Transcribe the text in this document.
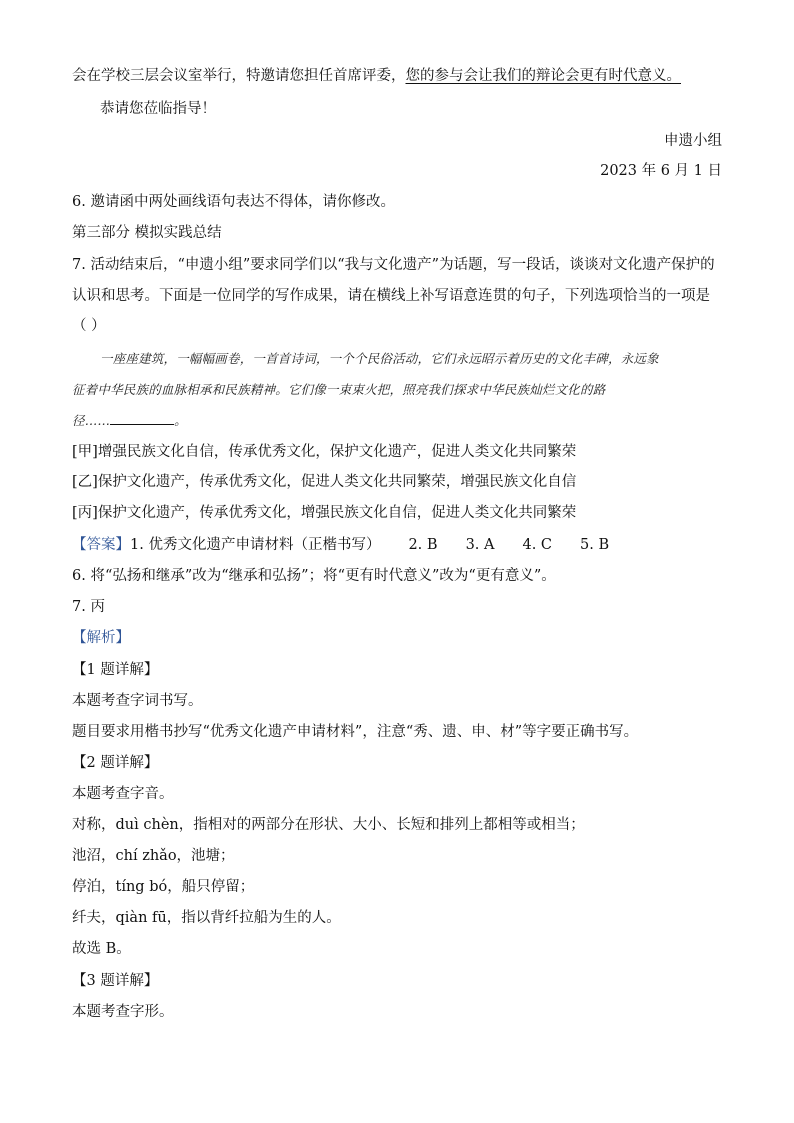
会在学校三层会议室举行，特邀请您担任首席评委，您的参与会让我们的辩论会更有时代意义。
恭请您莅临指导！
申遗小组
2023 年 6 月 1 日
6. 邀请函中两处画线语句表达不得体，请你修改。
第三部分 模拟实践总结
7. 活动结束后，“申遗小组”要求同学们以“我与文化遗产”为话题，写一段话，谈谈对文化遗产保护的
认识和思考。下面是一位同学的写作成果，请在横线上补写语意连贯的句子，下列选项恰当的一项是
（ ）
一座座建筑，一幅幅画卷，一首首诗词，一个个民俗活动，它们永远昭示着历史的文化丰碑，永远象
征着中华民族的血脉相承和民族精神。它们像一束束火把，照亮我们探求中华民族灿烂文化的路
径……	。
[甲]增强民族文化自信，传承优秀文化，保护文化遗产，促进人类文化共同繁荣
[乙]保护文化遗产，传承优秀文化，促进人类文化共同繁荣，增强民族文化自信
[丙]保护文化遗产，传承优秀文化，增强民族文化自信，促进人类文化共同繁荣
【答案】1. 优秀文化遗产申请材料（正楷书写） 2. B 3. A 4. C 5. B
6. 将“弘扬和继承”改为“继承和弘扬”；将“更有时代意义”改为“更有意义”。
7. 丙
【解析】
【1 题详解】
本题考查字词书写。
题目要求用楷书抄写“优秀文化遗产申请材料”，注意“秀、遗、申、材”等字要正确书写。
【2 题详解】
本题考查字音。
对称，duì chèn，指相对的两部分在形状、大小、长短和排列上都相等或相当；
池沼，chí zhǎo，池塘；
停泊，tíng bó，船只停留；
纤夫，qiàn fū，指以背纤拉船为生的人。
故选 B。
【3 题详解】
本题考查字形。
